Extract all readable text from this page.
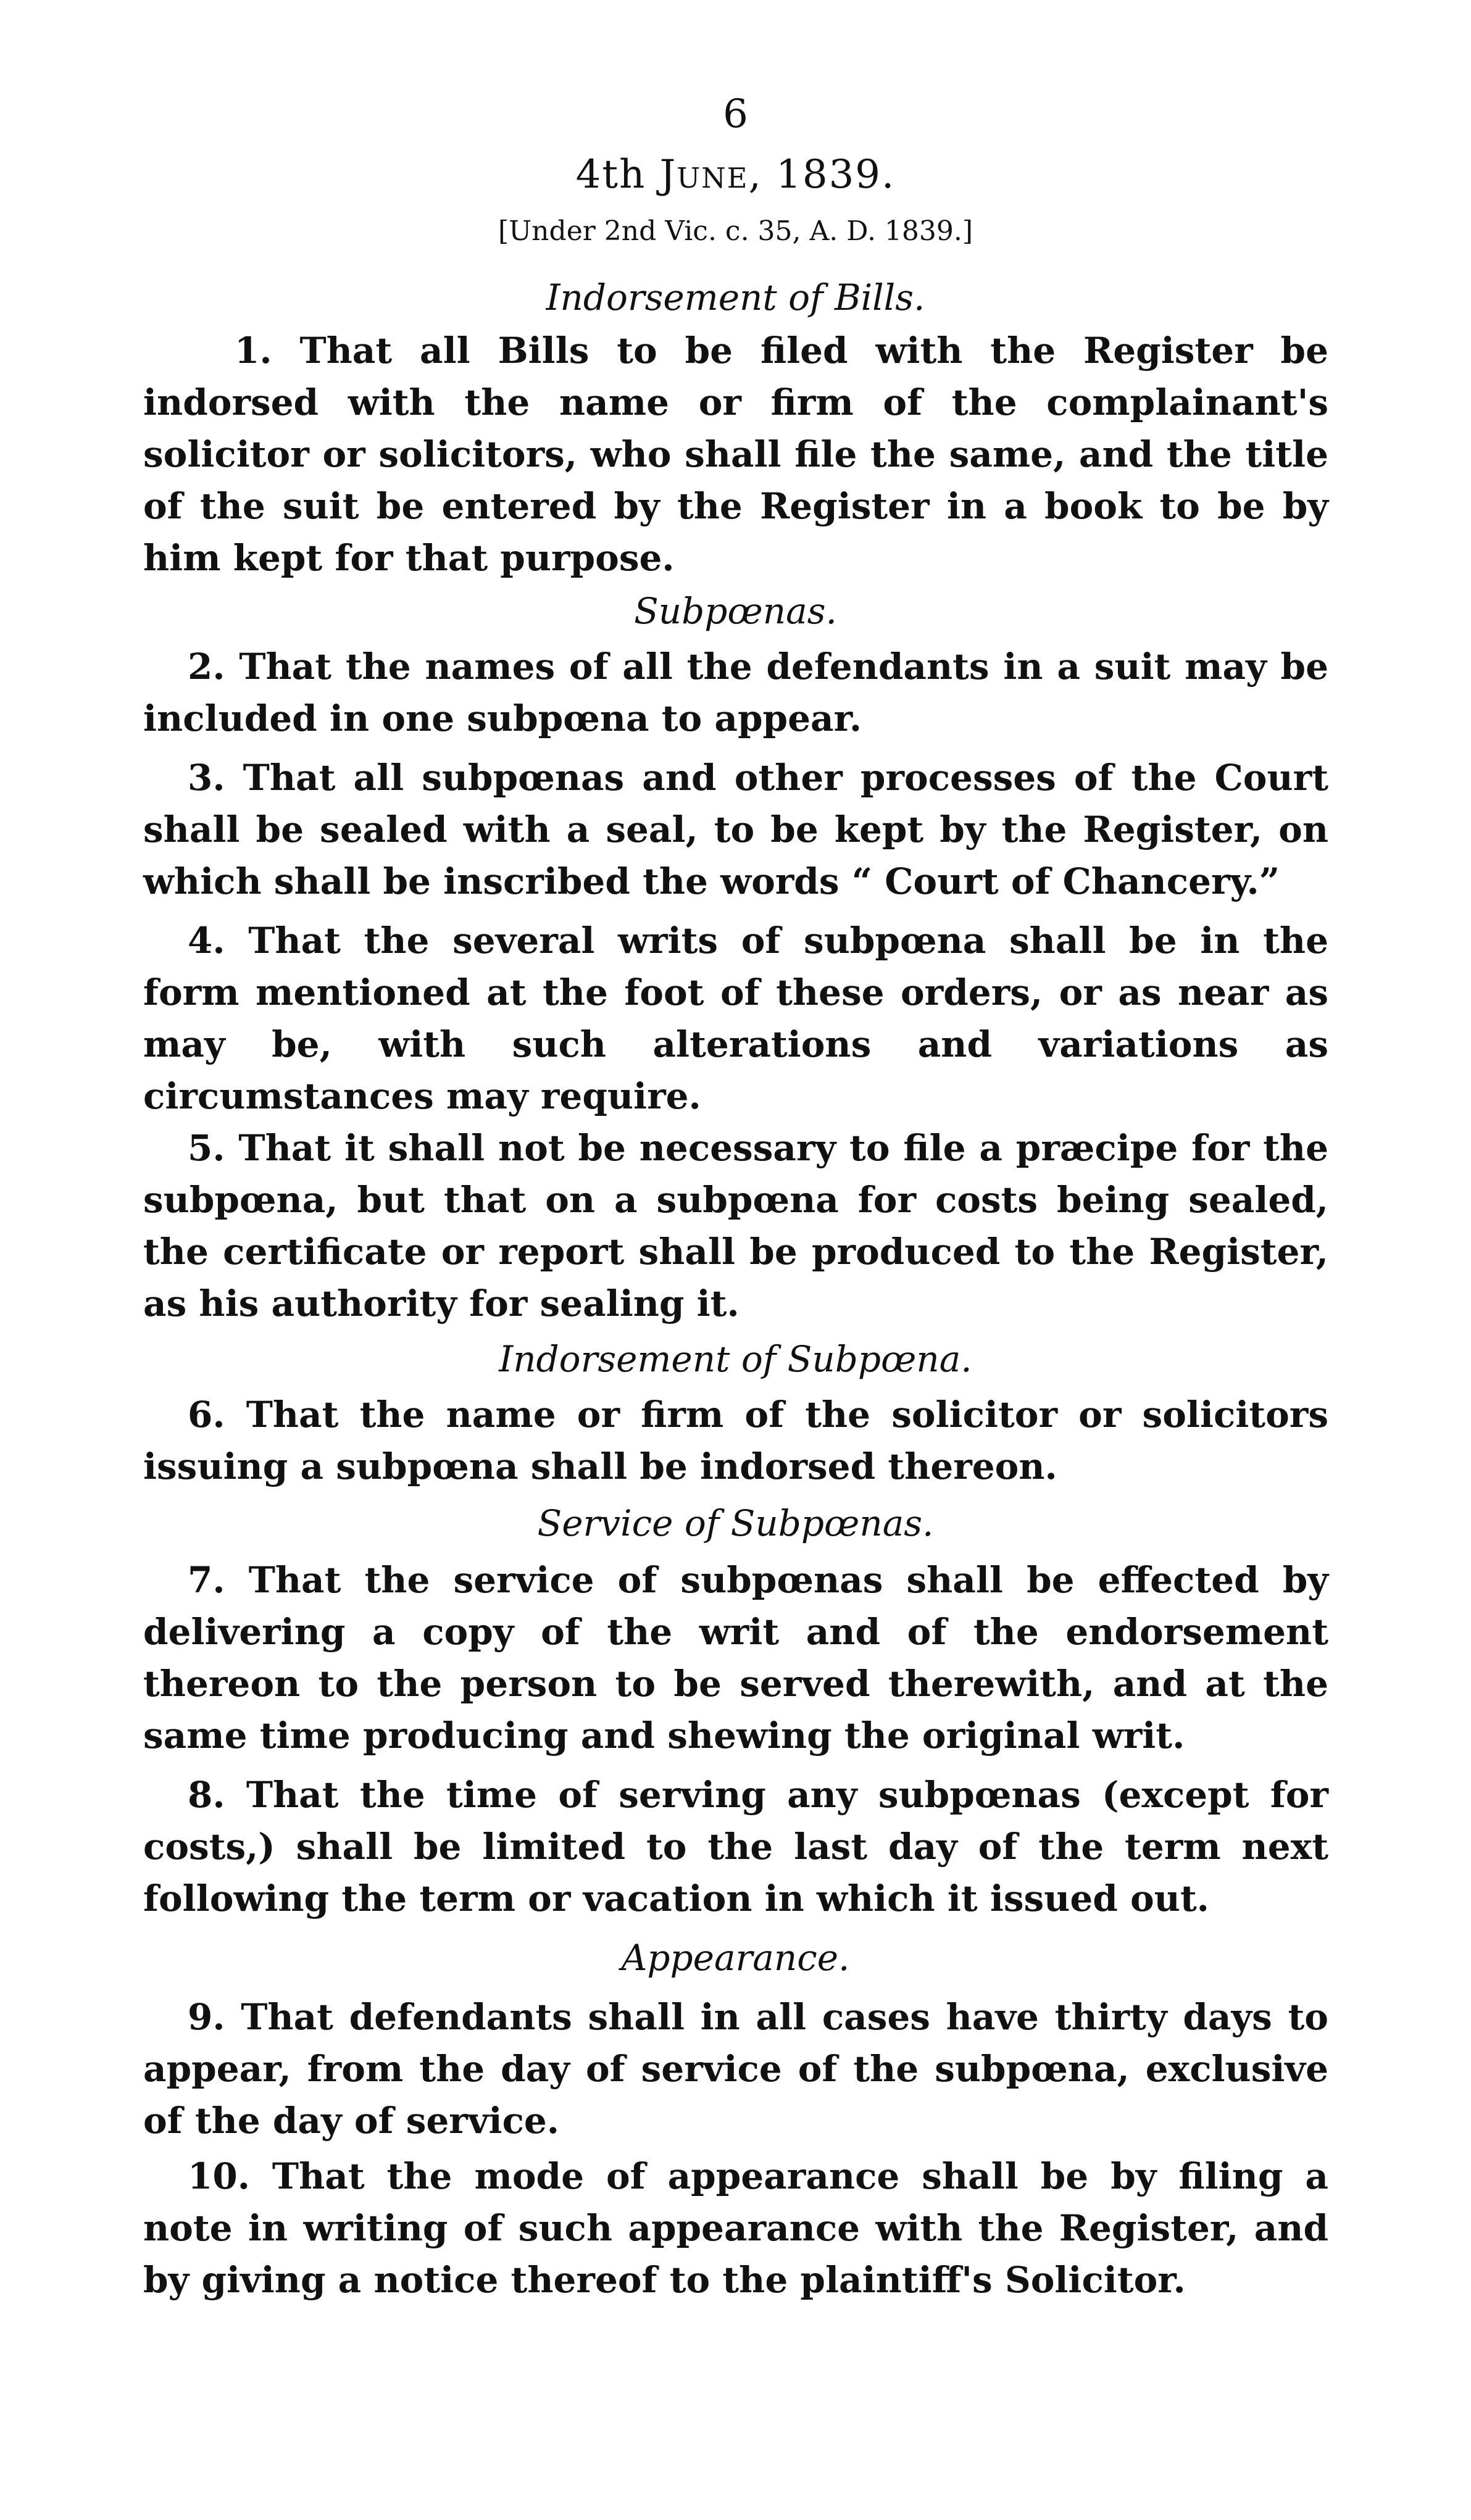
6
4th June, 1839.
[Under 2nd Vic. c. 35, A. D. 1839.]
Indorsement of Bills.
1. That all Bills to be filed with the Register be indorsed with the name or firm of the complainant's solicitor or solicitors, who shall file the same, and the title of the suit be entered by the Register in a book to be by him kept for that purpose.
Subpœnas.
2. That the names of all the defendants in a suit may be included in one subpœna to appear.
3. That all subpœnas and other processes of the Court shall be sealed with a seal, to be kept by the Register, on which shall be inscribed the words “ Court of Chancery.”
4. That the several writs of subpœna shall be in the form mentioned at the foot of these orders, or as near as may be, with such alterations and variations as circumstances may require.
5. That it shall not be necessary to file a præcipe for the subpœna, but that on a subpœna for costs being sealed, the certificate or report shall be produced to the Register, as his authority for sealing it.
Indorsement of Subpœna.
6. That the name or firm of the solicitor or solicitors issuing a subpœna shall be indorsed thereon.
Service of Subpœnas.
7. That the service of subpœnas shall be effected by delivering a copy of the writ and of the endorsement thereon to the person to be served therewith, and at the same time producing and shewing the original writ.
8. That the time of serving any subpœnas (except for costs,) shall be limited to the last day of the term next following the term or vacation in which it issued out.
Appearance.
9. That defendants shall in all cases have thirty days to appear, from the day of service of the subpœna, exclusive of the day of service.
10. That the mode of appearance shall be by filing a note in writing of such appearance with the Register, and by giving a notice thereof to the plaintiff's Solicitor.
